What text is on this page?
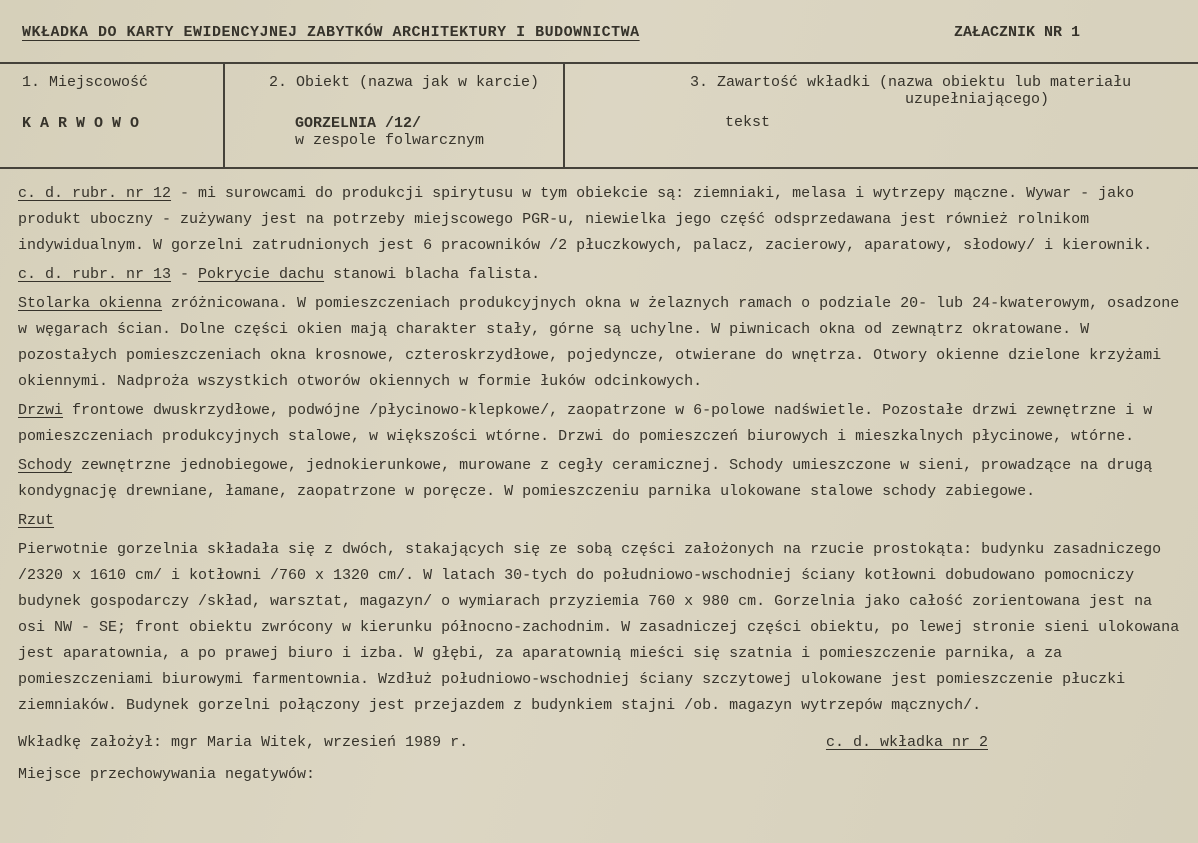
WKŁADKA DO KARTY EWIDENCYJNEJ ZABYTKÓW ARCHITEKTURY I BUDOWNICTWA	ZAŁACZNIK NR 1
1. Miejscowość
K A R W O W O
2. Obiekt (nazwa jak w karcie)
GORZELNIA /12/
w zespole folwarcznym
3. Zawartość wkładki (nazwa obiektu lub materiału
uzupełniającego)
tekst

c. d. rubr. nr 12 - mi surowcami do produkcji spirytusu w tym obiekcie są: ziemniaki, melasa i wytrzepy mączne. Wywar - jako produkt uboczny - zużywany jest na potrzeby miejscowego PGR-u, niewielka jego część odsprzedawana jest również rolnikom indywidualnym. W gorzelni zatrudnionych jest 6 pracowników /2 płuczkowych, palacz, zacierowy, aparatowy, słodowy/ i kierownik.

c. d. rubr. nr 13 - Pokrycie dachu stanowi blacha falista.

Stolarka okienna zróżnicowana. W pomieszczeniach produkcyjnych okna w żelaznych ramach o podziale 20- lub 24-kwaterowym, osadzone w węgarach ścian. Dolne części okien mają charakter stały, górne są uchylne. W piwnicach okna od zewnątrz okratowane. W pozostałych pomieszczeniach okna krosnowe, czteroskrzydłowe, pojedyncze, otwierane do wnętrza. Otwory okienne dzielone krzyżami okiennymi. Nadproża wszystkich otworów okiennych w formie łuków odcinkowych.

Drzwi frontowe dwuskrzydłowe, podwójne /płycinowo-klepkowe/, zaopatrzone w 6-polowe nadświetle. Pozostałe drzwi zewnętrzne i w pomieszczeniach produkcyjnych stalowe, w większości wtórne. Drzwi do pomieszczeń biurowych i mieszkalnych płycinowe, wtórne.

Schody zewnętrzne jednobiegowe, jednokierunkowe, murowane z cegły ceramicznej. Schody umieszczone w sieni, prowadzące na drugą kondygnację drewniane, łamane, zaopatrzone w poręcze. W pomieszczeniu parnika ulokowane stalowe schody zabiegowe.

Rzut

Pierwotnie gorzelnia składała się z dwóch, stakających się ze sobą części założonych na rzucie prostokąta: budynku zasadniczego /2320 x 1610 cm/ i kotłowni /760 x 1320 cm/. W latach 30-tych do południowo-wschodniej ściany kotłowni dobudowano pomocniczy budynek gospodarczy /skład, warsztat, magazyn/ o wymiarach przyziemia 760 x 980 cm. Gorzelnia jako całość zorientowana jest na osi NW - SE; front obiektu zwrócony w kierunku północno-zachodnim. W zasadniczej części obiektu, po lewej stronie sieni ulokowana jest aparatownia, a po prawej biuro i izba. W głębi, za aparatownią mieści się szatnia i pomieszczenie parnika, a za pomieszczeniami biurowymi farmentownia. Wzdłuż południowo-wschodniej ściany szczytowej ulokowane jest pomieszczenie płuczki ziemniaków. Budynek gorzelni połączony jest przejazdem z budynkiem stajni /ob. magazyn wytrzepów mącznych/.

Wkładkę założył: mgr Maria Witek, wrzesień 1989 r.	c. d. wkładka nr 2
Miejsce przechowywania negatywów:
